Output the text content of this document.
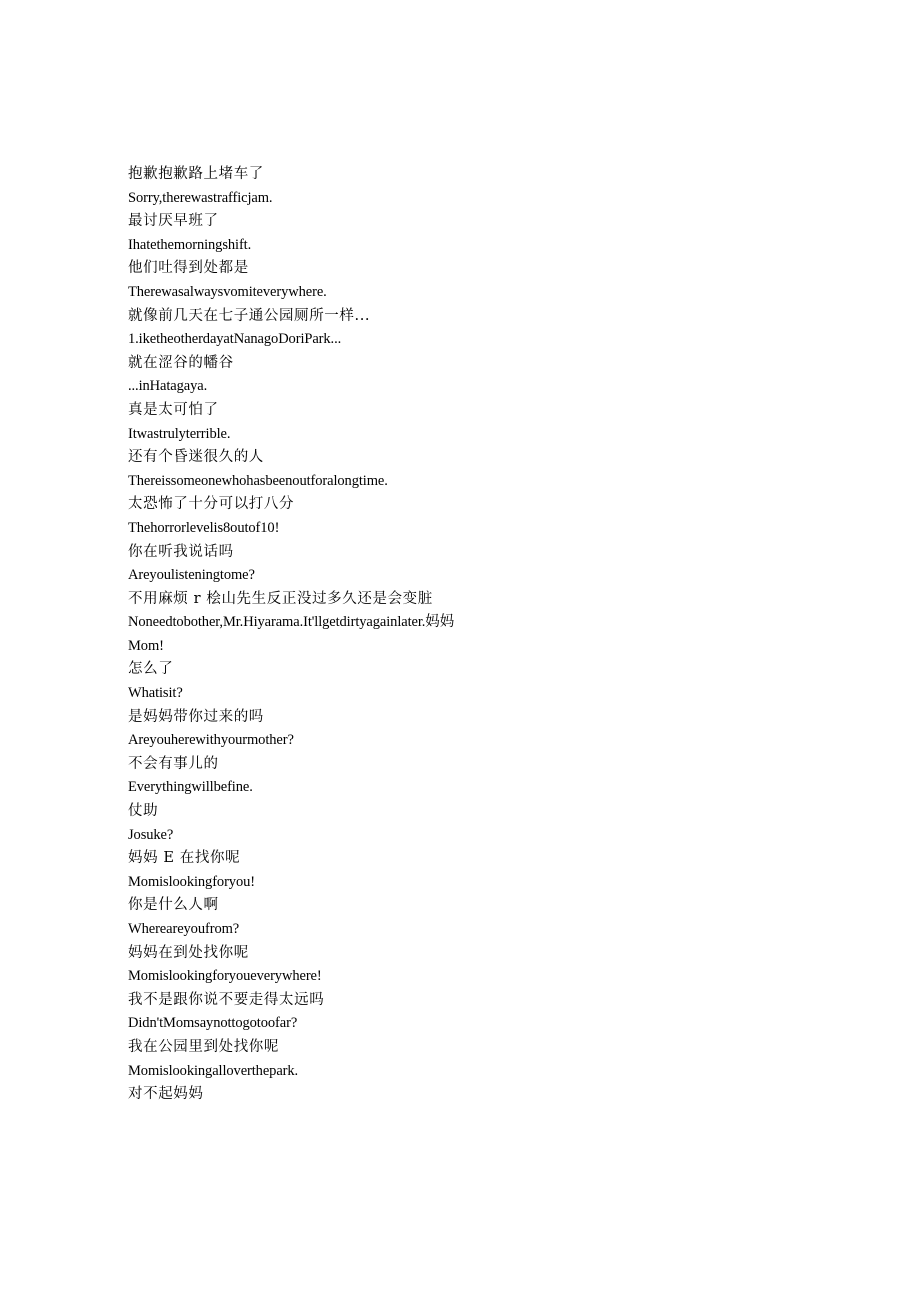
抱歉抱歉路上堵车了
Sorry,therewastrafficjam.
最讨厌早班了
Ihatethemorningshift.
他们吐得到处都是
Therewasalwaysvomiteverywhere.
就像前几天在七子通公园厕所一样...
1.iketheotherdayatNanagoDoriPark...
就在涩谷的幡谷
...inHatagaya.
真是太可怕了
Itwastrulyterrible.
还有个昏迷很久的人
Thereissomeonewhohasbeenoutforalongtime.
太恐怖了十分可以打八分
Thehorrorlevelis8outof10!
你在听我说话吗
Areyoulisteningtome?
不用麻烦 r 桧山先生反正没过多久还是会变脏
Noneedtobother,Mr.Hiyarama.It'llgetdirtyagainlater.妈妈
Mom!
怎么了
Whatisit?
是妈妈带你过来的吗
Areyouherewithyourmother?
不会有事儿的
Everythingwillbefine.
仗助
Josuke?
妈妈 E 在找你呢
Momislookingforyou!
你是什么人啊
Whereareyoufrom?
妈妈在到处找你呢
Momislookingforyoueverywhere!
我不是跟你说不要走得太远吗
Didn'tMomsaynottogotoofar?
我在公园里到处找你呢
Momislookingalloverthepark.
对不起妈妈
